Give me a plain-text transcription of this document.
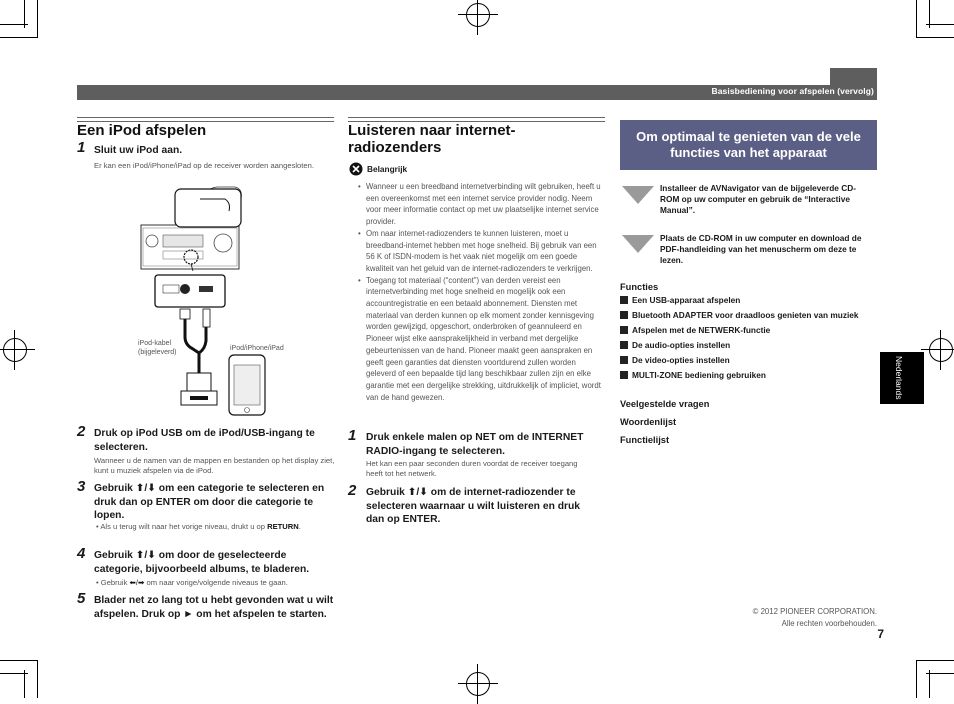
Basisbediening voor afspelen (vervolg)
Een iPod afspelen
1 Sluit uw iPod aan.
Er kan een iPod/iPhone/iPad op de receiver worden aangesloten.
iPod-kabel (bijgeleverd)
iPod/iPhone/iPad
2 Druk op iPod USB om de iPod/USB-ingang te selecteren.
Wanneer u de namen van de mappen en bestanden op het display ziet, kunt u muziek afspelen via de iPod.
3 Gebruik ⬆/⬇ om een categorie te selecteren en druk dan op ENTER om door die categorie te lopen.
• Als u terug wilt naar het vorige niveau, drukt u op RETURN.
4 Gebruik ⬆/⬇ om door de geselecteerde categorie, bijvoorbeeld albums, te bladeren.
• Gebruik ⬅/➡ om naar vorige/volgende niveaus te gaan.
5 Blader net zo lang tot u hebt gevonden wat u wilt afspelen. Druk op ► om het afspelen te starten.
Luisteren naar internet-radiozenders
Belangrijk
• Wanneer u een breedband internetverbinding wilt gebruiken, heeft u een overeenkomst met een internet service provider nodig. Neem voor meer informatie contact op met uw plaatselijke internet service provider.
• Om naar internet-radiozenders te kunnen luisteren, moet u breedband-internet hebben met hoge snelheid. Bij gebruik van een 56 K of ISDN-modem is het vaak niet mogelijk om een goede kwaliteit van het geluid van de internet-radiozenders te verkrijgen.
• Toegang tot materiaal (“content”) van derden vereist een internetverbinding met hoge snelheid en mogelijk ook een accountregistratie en een betaald abonnement. Diensten met materiaal van derden kunnen op elk moment zonder kennisgeving worden gewijzigd, opgeschort, onderbroken of geannuleerd en Pioneer wijst elke aansprakelijkheid in verband met dergelijke gebeurtenissen van de hand. Pioneer maakt geen aanspraken en geeft geen garanties dat diensten voortdurend zullen worden geleverd of een bepaalde tijd lang beschikbaar zullen zijn en elke garantie met een dergelijke strekking, uitdrukkelijk of impliciet, wordt van de hand gewezen.
1 Druk enkele malen op NET om de INTERNET RADIO-ingang te selecteren.
Het kan een paar seconden duren voordat de receiver toegang heeft tot het netwerk.
2 Gebruik ⬆/⬇ om de internet-radiozender te selecteren waarnaar u wilt luisteren en druk dan op ENTER.
Om optimaal te genieten van de vele functies van het apparaat
Installeer de AVNavigator van de bijgeleverde CD-ROM op uw computer en gebruik de “Interactive Manual”.
Plaats de CD-ROM in uw computer en download de PDF-handleiding van het menuscherm om deze te lezen.
Functies
Een USB-apparaat afspelen
Bluetooth ADAPTER voor draadloos genieten van muziek
Afspelen met de NETWERK-functie
De audio-opties instellen
De video-opties instellen
MULTI-ZONE bediening gebruiken
Veelgestelde vragen
Woordenlijst
Functielijst
Nederlands
© 2012 PIONEER CORPORATION.
Alle rechten voorbehouden.
7
